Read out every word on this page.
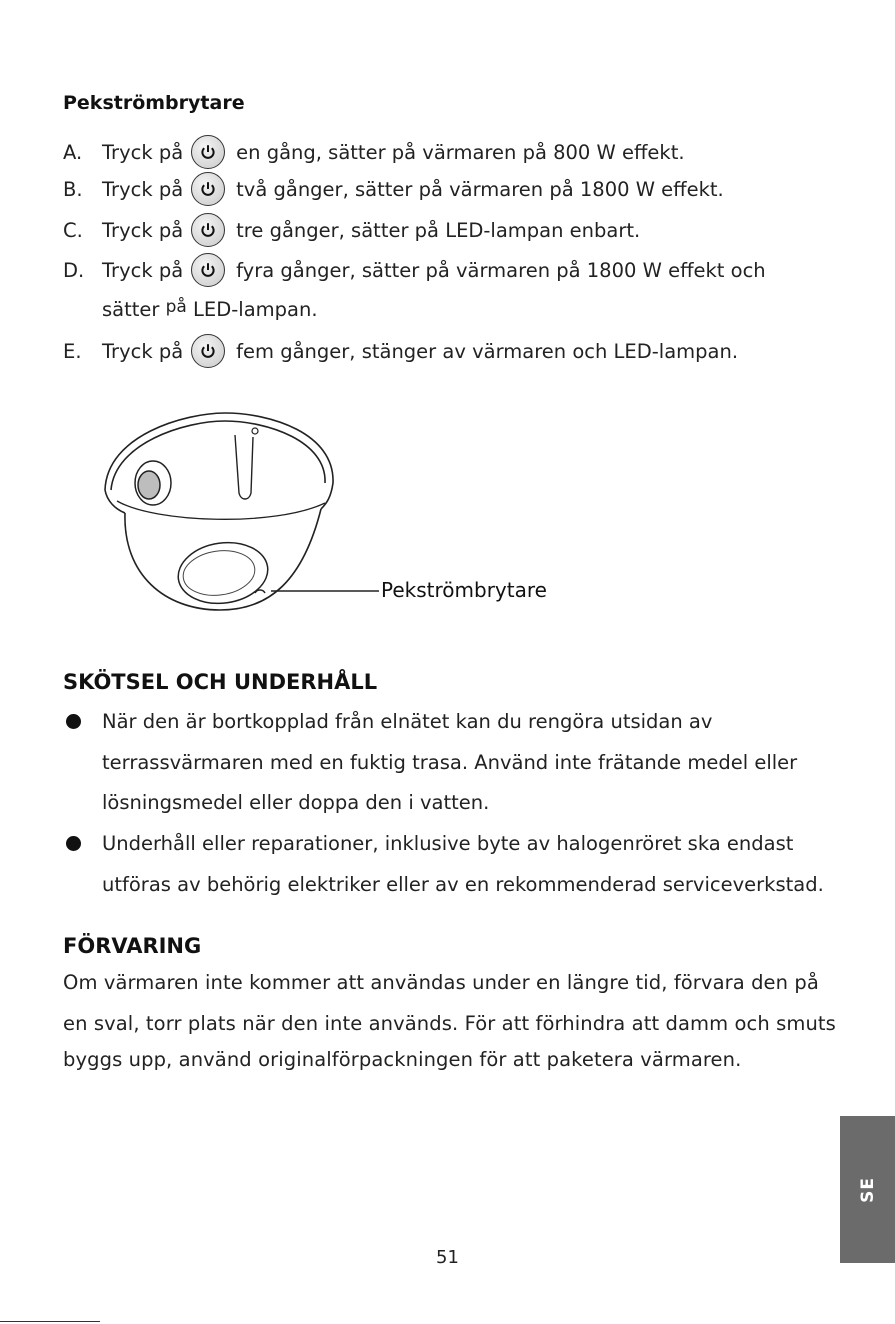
Pekströmbrytare
A.	Tryck på	en gång, sätter på värmaren på 800 W effekt.
B. Tryck på	två gånger, sätter på värmaren på 1800 W effekt.
C. Tryck på	tre gånger, sätter på LED-lampan enbart.
D. Tryck på	fyra gånger, sätter på värmaren på 1800 W effekt och
sätter på LED-lampan.
E.	Tryck på	fem gånger, stänger av värmaren och LED-lampan.
Pekströmbrytare
SKÖTSEL OCH UNDERHÅLL
När den är bortkopplad från elnätet kan du rengöra utsidan av
terrassvärmaren med en fuktig trasa. Använd inte frätande medel eller
lösningsmedel eller doppa den i vatten.
Underhåll eller reparationer, inklusive byte av halogenröret ska endast
utföras av behörig elektriker eller av en rekommenderad serviceverkstad.
FÖRVARING
Om värmaren inte kommer att användas under en längre tid, förvara den på
en sval, torr plats när den inte används. För att förhindra att damm och smuts
byggs upp, använd originalförpackningen för att paketera värmaren.
SE
51
